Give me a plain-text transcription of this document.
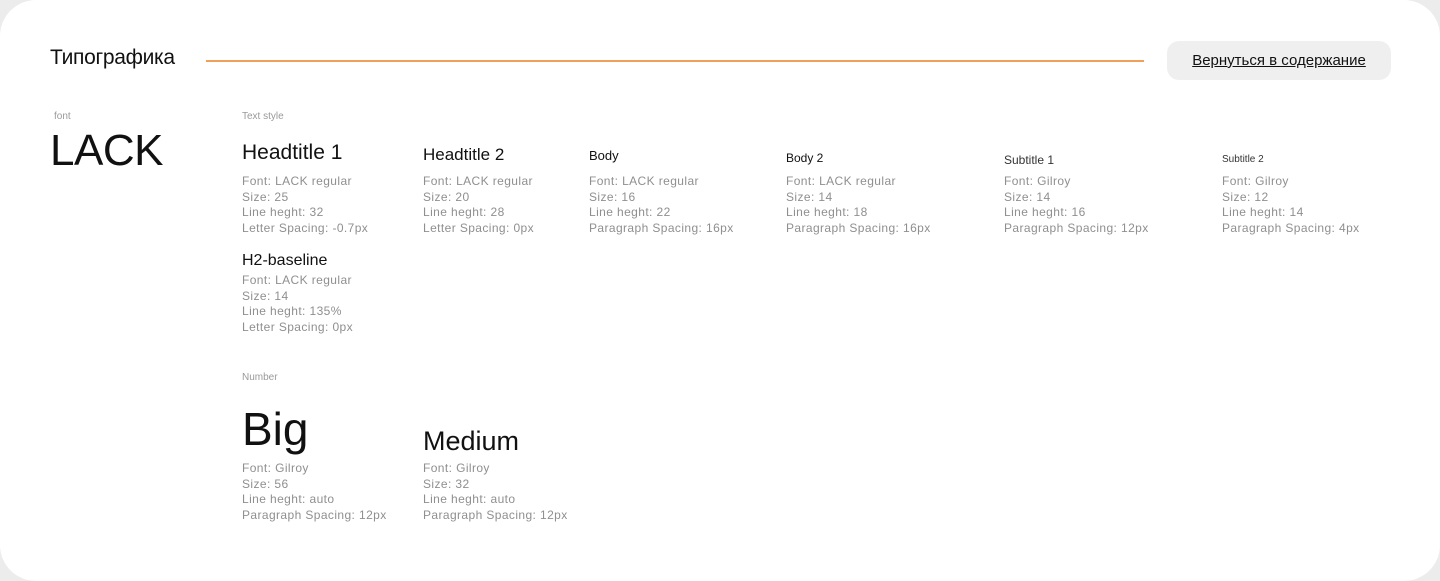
Типографика	Вернуться в содержание
font
LACK
Text style
Headtitle 1
Font: LACK regular
Size: 25
Line heght: 32
Letter Spacing: -0.7px
Headtitle 2
Font: LACK regular
Size: 20
Line heght: 28
Letter Spacing: 0px
Body
Font: LACK regular
Size: 16
Line heght: 22
Paragraph Spacing: 16px
Body 2
Font: LACK regular
Size: 14
Line heght: 18
Paragraph Spacing: 16px
Subtitle 1
Font: Gilroy
Size: 14
Line heght: 16
Paragraph Spacing: 12px
Subtitle 2
Font: Gilroy
Size: 12
Line heght: 14
Paragraph Spacing: 4px
H2-baseline
Font: LACK regular
Size: 14
Line heght: 135%
Letter Spacing: 0px
Number
Big
Font: Gilroy
Size: 56
Line heght: auto
Paragraph Spacing: 12px
Medium
Font: Gilroy
Size: 32
Line heght: auto
Paragraph Spacing: 12px
